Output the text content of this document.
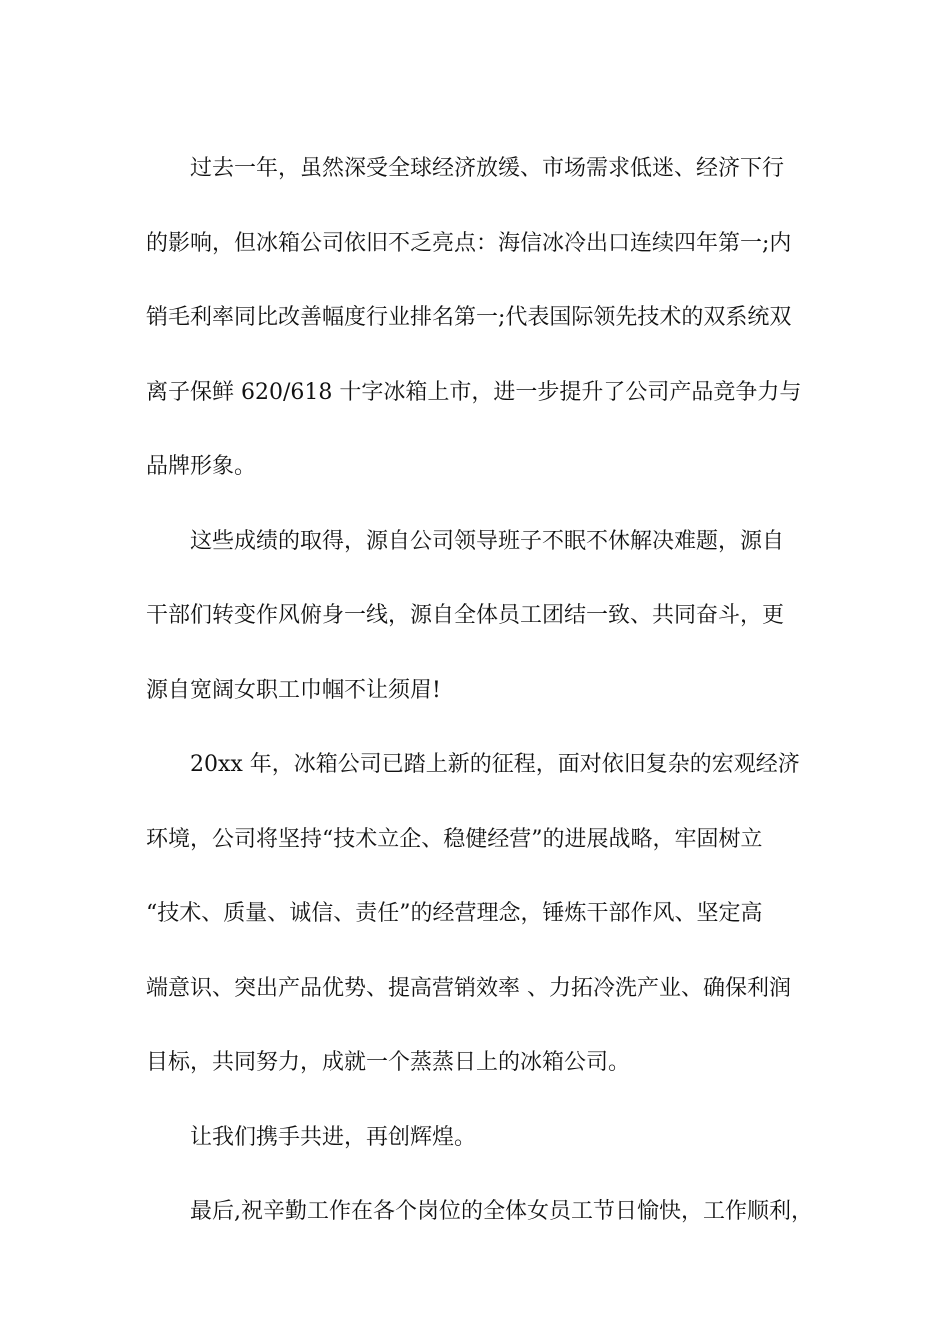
过去一年，虽然深受全球经济放缓、市场需求低迷、经济下行
的影响，但冰箱公司依旧不乏亮点：海信冰冷出口连续四年第一;内
销毛利率同比改善幅度行业排名第一;代表国际领先技术的双系统双
离子保鲜 620/618 十字冰箱上市，进一步提升了公司产品竞争力与
品牌形象。

这些成绩的取得，源自公司领导班子不眠不休解决难题，源自
干部们转变作风俯身一线，源自全体员工团结一致、共同奋斗，更
源自宽阔女职工巾帼不让须眉!

20xx 年，冰箱公司已踏上新的征程，面对依旧复杂的宏观经济
环境，公司将坚持“技术立企、稳健经营”的进展战略，牢固树立
“技术、质量、诚信、责任”的经营理念，锤炼干部作风、坚定高
端意识、突出产品优势、提高营销效率 、力拓冷洗产业、确保利润
目标，共同努力，成就一个蒸蒸日上的冰箱公司。

让我们携手共进，再创辉煌。

最后,祝辛勤工作在各个岗位的全体女员工节日愉快，工作顺利，
